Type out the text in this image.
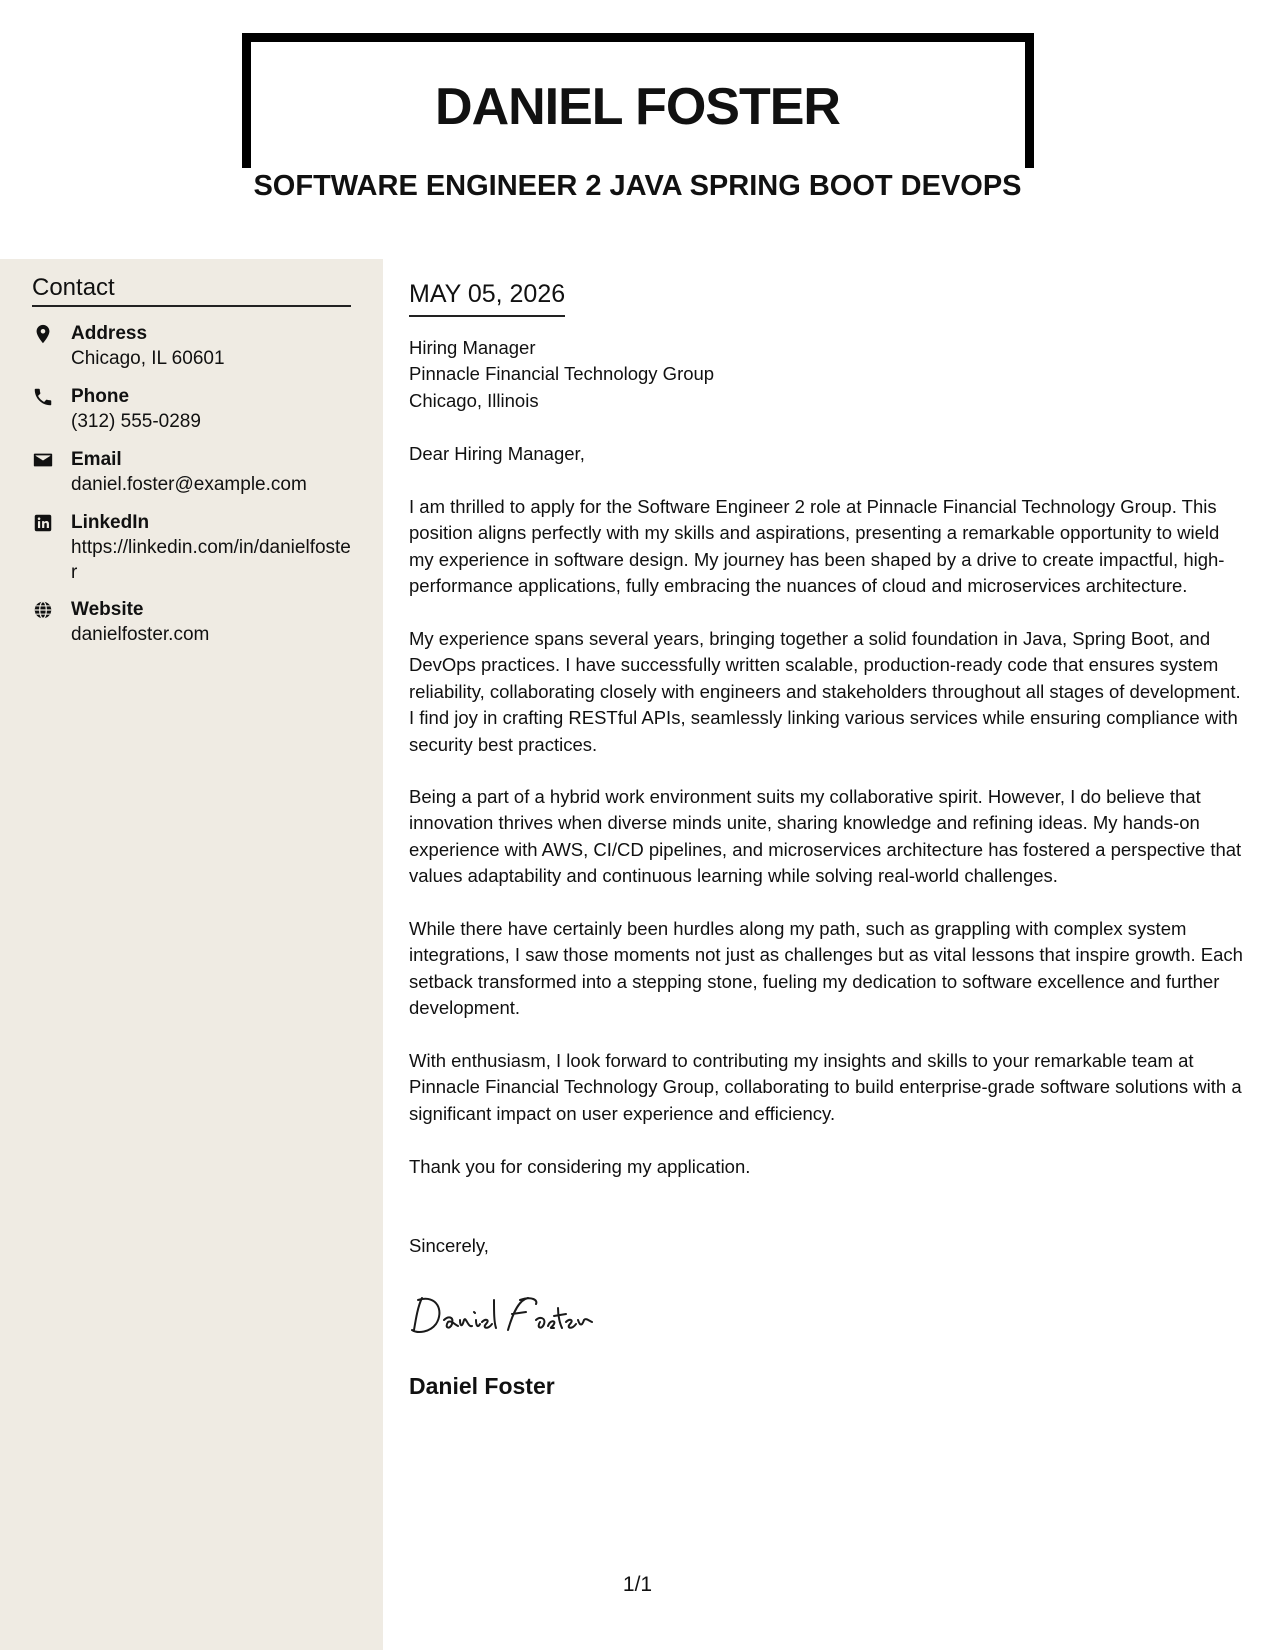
DANIEL FOSTER
SOFTWARE ENGINEER 2 JAVA SPRING BOOT DEVOPS
Contact
Address
Chicago, IL 60601
Phone
(312) 555-0289
Email
daniel.foster@example.com
LinkedIn
https://linkedin.com/in/danielfoster
Website
danielfoster.com
MAY 05, 2026
Hiring Manager
Pinnacle Financial Technology Group
Chicago, Illinois

Dear Hiring Manager,

I am thrilled to apply for the Software Engineer 2 role at Pinnacle Financial Technology Group. This position aligns perfectly with my skills and aspirations, presenting a remarkable opportunity to wield my experience in software design. My journey has been shaped by a drive to create impactful, high-performance applications, fully embracing the nuances of cloud and microservices architecture.

My experience spans several years, bringing together a solid foundation in Java, Spring Boot, and DevOps practices. I have successfully written scalable, production-ready code that ensures system reliability, collaborating closely with engineers and stakeholders throughout all stages of development. I find joy in crafting RESTful APIs, seamlessly linking various services while ensuring compliance with security best practices.

Being a part of a hybrid work environment suits my collaborative spirit. However, I do believe that innovation thrives when diverse minds unite, sharing knowledge and refining ideas. My hands-on experience with AWS, CI/CD pipelines, and microservices architecture has fostered a perspective that values adaptability and continuous learning while solving real-world challenges.

While there have certainly been hurdles along my path, such as grappling with complex system integrations, I saw those moments not just as challenges but as vital lessons that inspire growth. Each setback transformed into a stepping stone, fueling my dedication to software excellence and further development.

With enthusiasm, I look forward to contributing my insights and skills to your remarkable team at Pinnacle Financial Technology Group, collaborating to build enterprise-grade software solutions with a significant impact on user experience and efficiency.

Thank you for considering my application.

Sincerely,

Daniel Foster
1/1
